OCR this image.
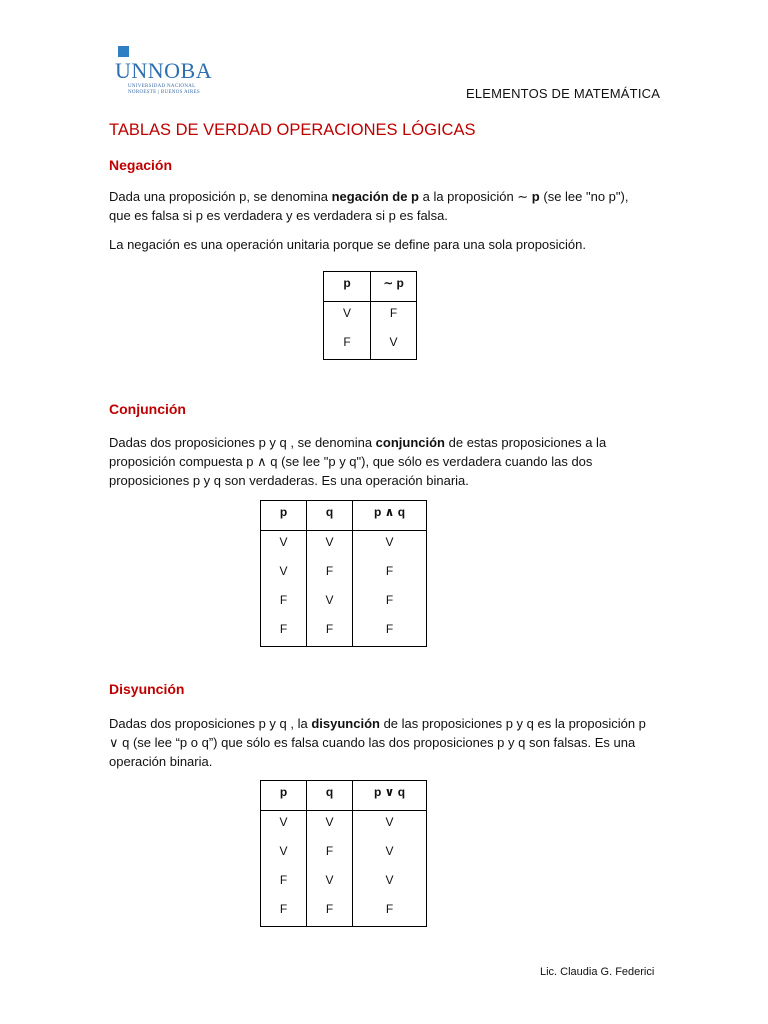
UNNOBA
UNIVERSIDAD NACIONAL
NOROESTE | BUENOS AIRES	ELEMENTOS DE MATEMÁTICA
TABLAS DE VERDAD OPERACIONES LÓGICAS
Negación
Dada una proposición p, se denomina negación de p a la proposición ∼ p (se lee "no p"), que es falsa si p es verdadera y es verdadera si p es falsa.
La negación es una operación unitaria porque se define para una sola proposición.
p	∼ p
V	F
F	V
Conjunción
Dadas dos proposiciones p y q , se denomina conjunción de estas proposiciones a la proposición compuesta p ∧ q (se lee "p y q"), que sólo es verdadera cuando las dos proposiciones p y q son verdaderas. Es una operación binaria.
p	q	p ∧ q
V	V	V
V	F	F
F	V	F
F	F	F
Disyunción
Dadas dos proposiciones p y q , la disyunción de las proposiciones p y q es la proposición p ∨ q (se lee “p o q”) que sólo es falsa cuando las dos proposiciones p y q son falsas. Es una operación binaria.
p	q	p ∨ q
V	V	V
V	F	V
F	V	V
F	F	F
Lic. Claudia G. Federici
